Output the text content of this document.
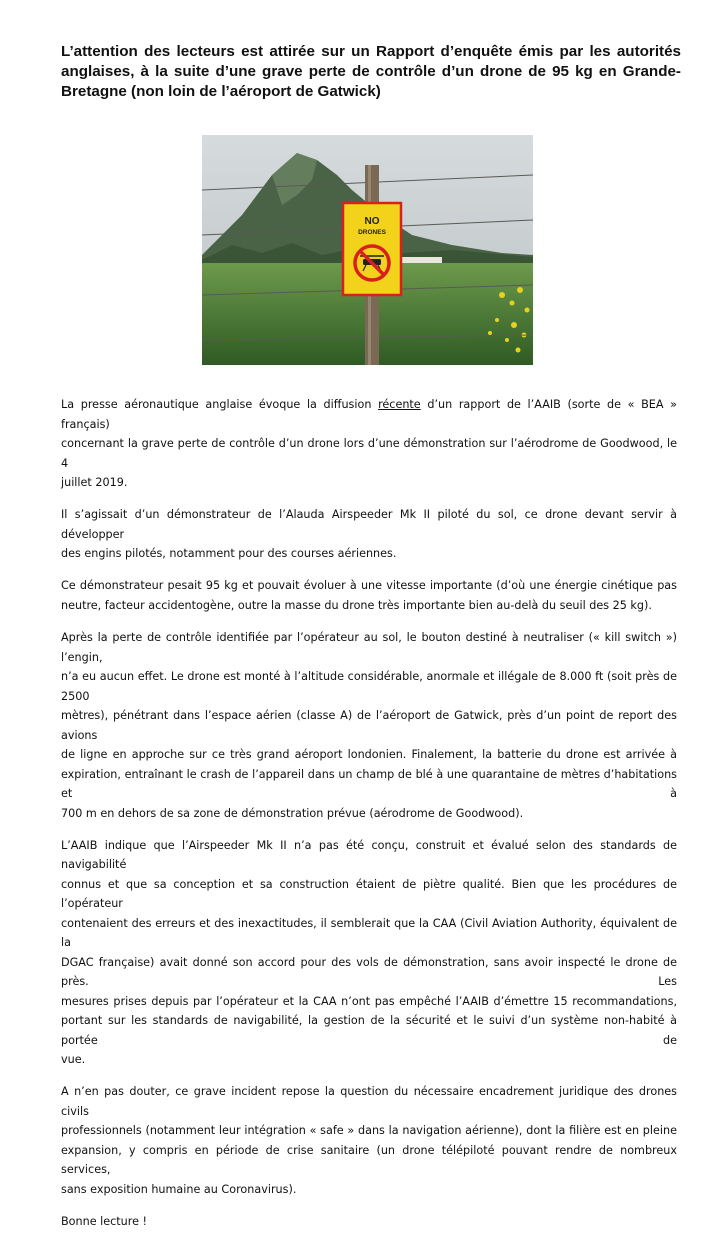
L’attention des lecteurs est attirée sur un Rapport d’enquête émis par les autorités
anglaises, à la suite d’une grave perte de contrôle d’un drone de 95 kg en Grande-
Bretagne (non loin de l’aéroport de Gatwick)
NO
DRONES

La presse aéronautique anglaise évoque la diffusion récente d’un rapport de l’AAIB (sorte de « BEA » français)
concernant la grave perte de contrôle d’un drone lors d’une démonstration sur l’aérodrome de Goodwood, le 4
juillet 2019.

Il s’agissait d’un démonstrateur de l’Alauda Airspeeder Mk II piloté du sol, ce drone devant servir à développer
des engins pilotés, notamment pour des courses aériennes.

Ce démonstrateur pesait 95 kg et pouvait évoluer à une vitesse importante (d’où une énergie cinétique pas
neutre, facteur accidentogène, outre la masse du drone très importante bien au-delà du seuil des 25 kg).

Après la perte de contrôle identifiée par l’opérateur au sol, le bouton destiné à neutraliser (« kill switch ») l’engin,
n’a eu aucun effet. Le drone est monté à l’altitude considérable, anormale et illégale de 8.000 ft (soit près de 2500
mètres), pénétrant dans l’espace aérien (classe A) de l’aéroport de Gatwick, près d’un point de report des avions
de ligne en approche sur ce très grand aéroport londonien. Finalement, la batterie du drone est arrivée à
expiration, entraînant le crash de l’appareil dans un champ de blé à une quarantaine de mètres d’habitations et à
700 m en dehors de sa zone de démonstration prévue (aérodrome de Goodwood).

L’AAIB indique que l’Airspeeder Mk II n’a pas été conçu, construit et évalué selon des standards de navigabilité
connus et que sa conception et sa construction étaient de piètre qualité. Bien que les procédures de l’opérateur
contenaient des erreurs et des inexactitudes, il semblerait que la CAA (Civil Aviation Authority, équivalent de la
DGAC française) avait donné son accord pour des vols de démonstration, sans avoir inspecté le drone de près. Les
mesures prises depuis par l’opérateur et la CAA n’ont pas empêché l’AAIB d’émettre 15 recommandations,
portant sur les standards de navigabilité, la gestion de la sécurité et le suivi d’un système non-habité à portée de
vue.

A n’en pas douter, ce grave incident repose la question du nécessaire encadrement juridique des drones civils
professionnels (notamment leur intégration « safe » dans la navigation aérienne), dont la filière est en pleine
expansion, y compris en période de crise sanitaire (un drone télépiloté pouvant rendre de nombreux services,
sans exposition humaine au Coronavirus).

Bonne lecture !
